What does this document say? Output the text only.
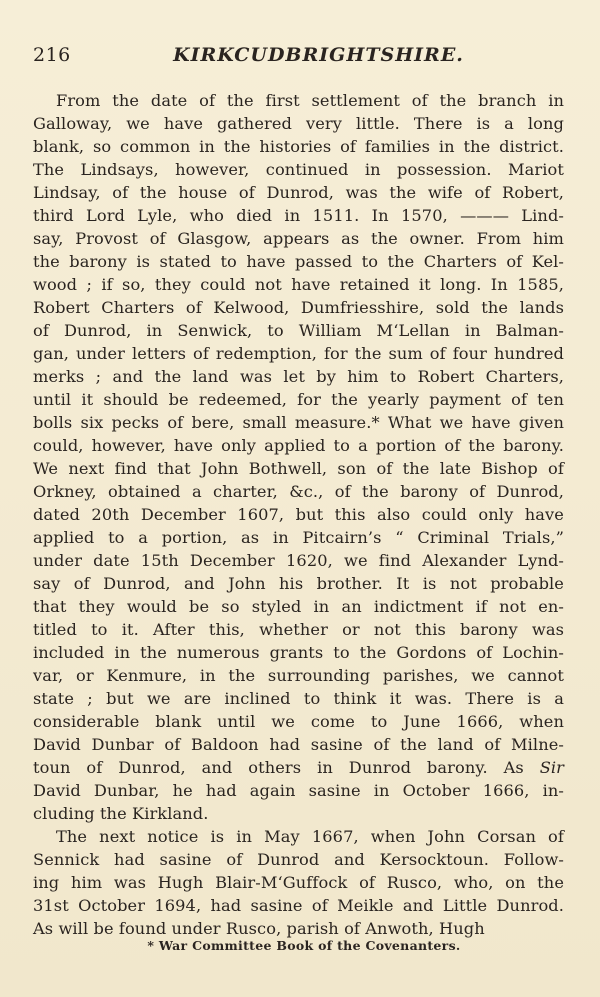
216	KIRKCUDBRIGHTSHIRE.
From the date of the first settlement of the branch in
Galloway, we have gathered very little. There is a long
blank, so common in the histories of families in the district.
The Lindsays, however, continued in possession. Mariot
Lindsay, of the house of Dunrod, was the wife of Robert,
third Lord Lyle, who died in 1511. In 1570, ——— Lind-
say, Provost of Glasgow, appears as the owner. From him
the barony is stated to have passed to the Charters of Kel-
wood ; if so, they could not have retained it long. In 1585,
Robert Charters of Kelwood, Dumfriesshire, sold the lands
of Dunrod, in Senwick, to William M‘Lellan in Balman-
gan, under letters of redemption, for the sum of four hundred
merks ; and the land was let by him to Robert Charters,
until it should be redeemed, for the yearly payment of ten
bolls six pecks of bere, small measure.* What we have given
could, however, have only applied to a portion of the barony.
We next find that John Bothwell, son of the late Bishop of
Orkney, obtained a charter, &c., of the barony of Dunrod,
dated 20th December 1607, but this also could only have
applied to a portion, as in Pitcairn’s “ Criminal Trials,”
under date 15th December 1620, we find Alexander Lynd-
say of Dunrod, and John his brother. It is not probable
that they would be so styled in an indictment if not en-
titled to it. After this, whether or not this barony was
included in the numerous grants to the Gordons of Lochin-
var, or Kenmure, in the surrounding parishes, we cannot
state ; but we are inclined to think it was. There is a
considerable blank until we come to June 1666, when
David Dunbar of Baldoon had sasine of the land of Milne-
toun of Dunrod, and others in Dunrod barony. As Sir
David Dunbar, he had again sasine in October 1666, in-
cluding the Kirkland.
The next notice is in May 1667, when John Corsan of
Sennick had sasine of Dunrod and Kersocktoun. Follow-
ing him was Hugh Blair-M‘Guffock of Rusco, who, on the
31st October 1694, had sasine of Meikle and Little Dunrod.
As will be found under Rusco, parish of Anwoth, Hugh
* War Committee Book of the Covenanters.
